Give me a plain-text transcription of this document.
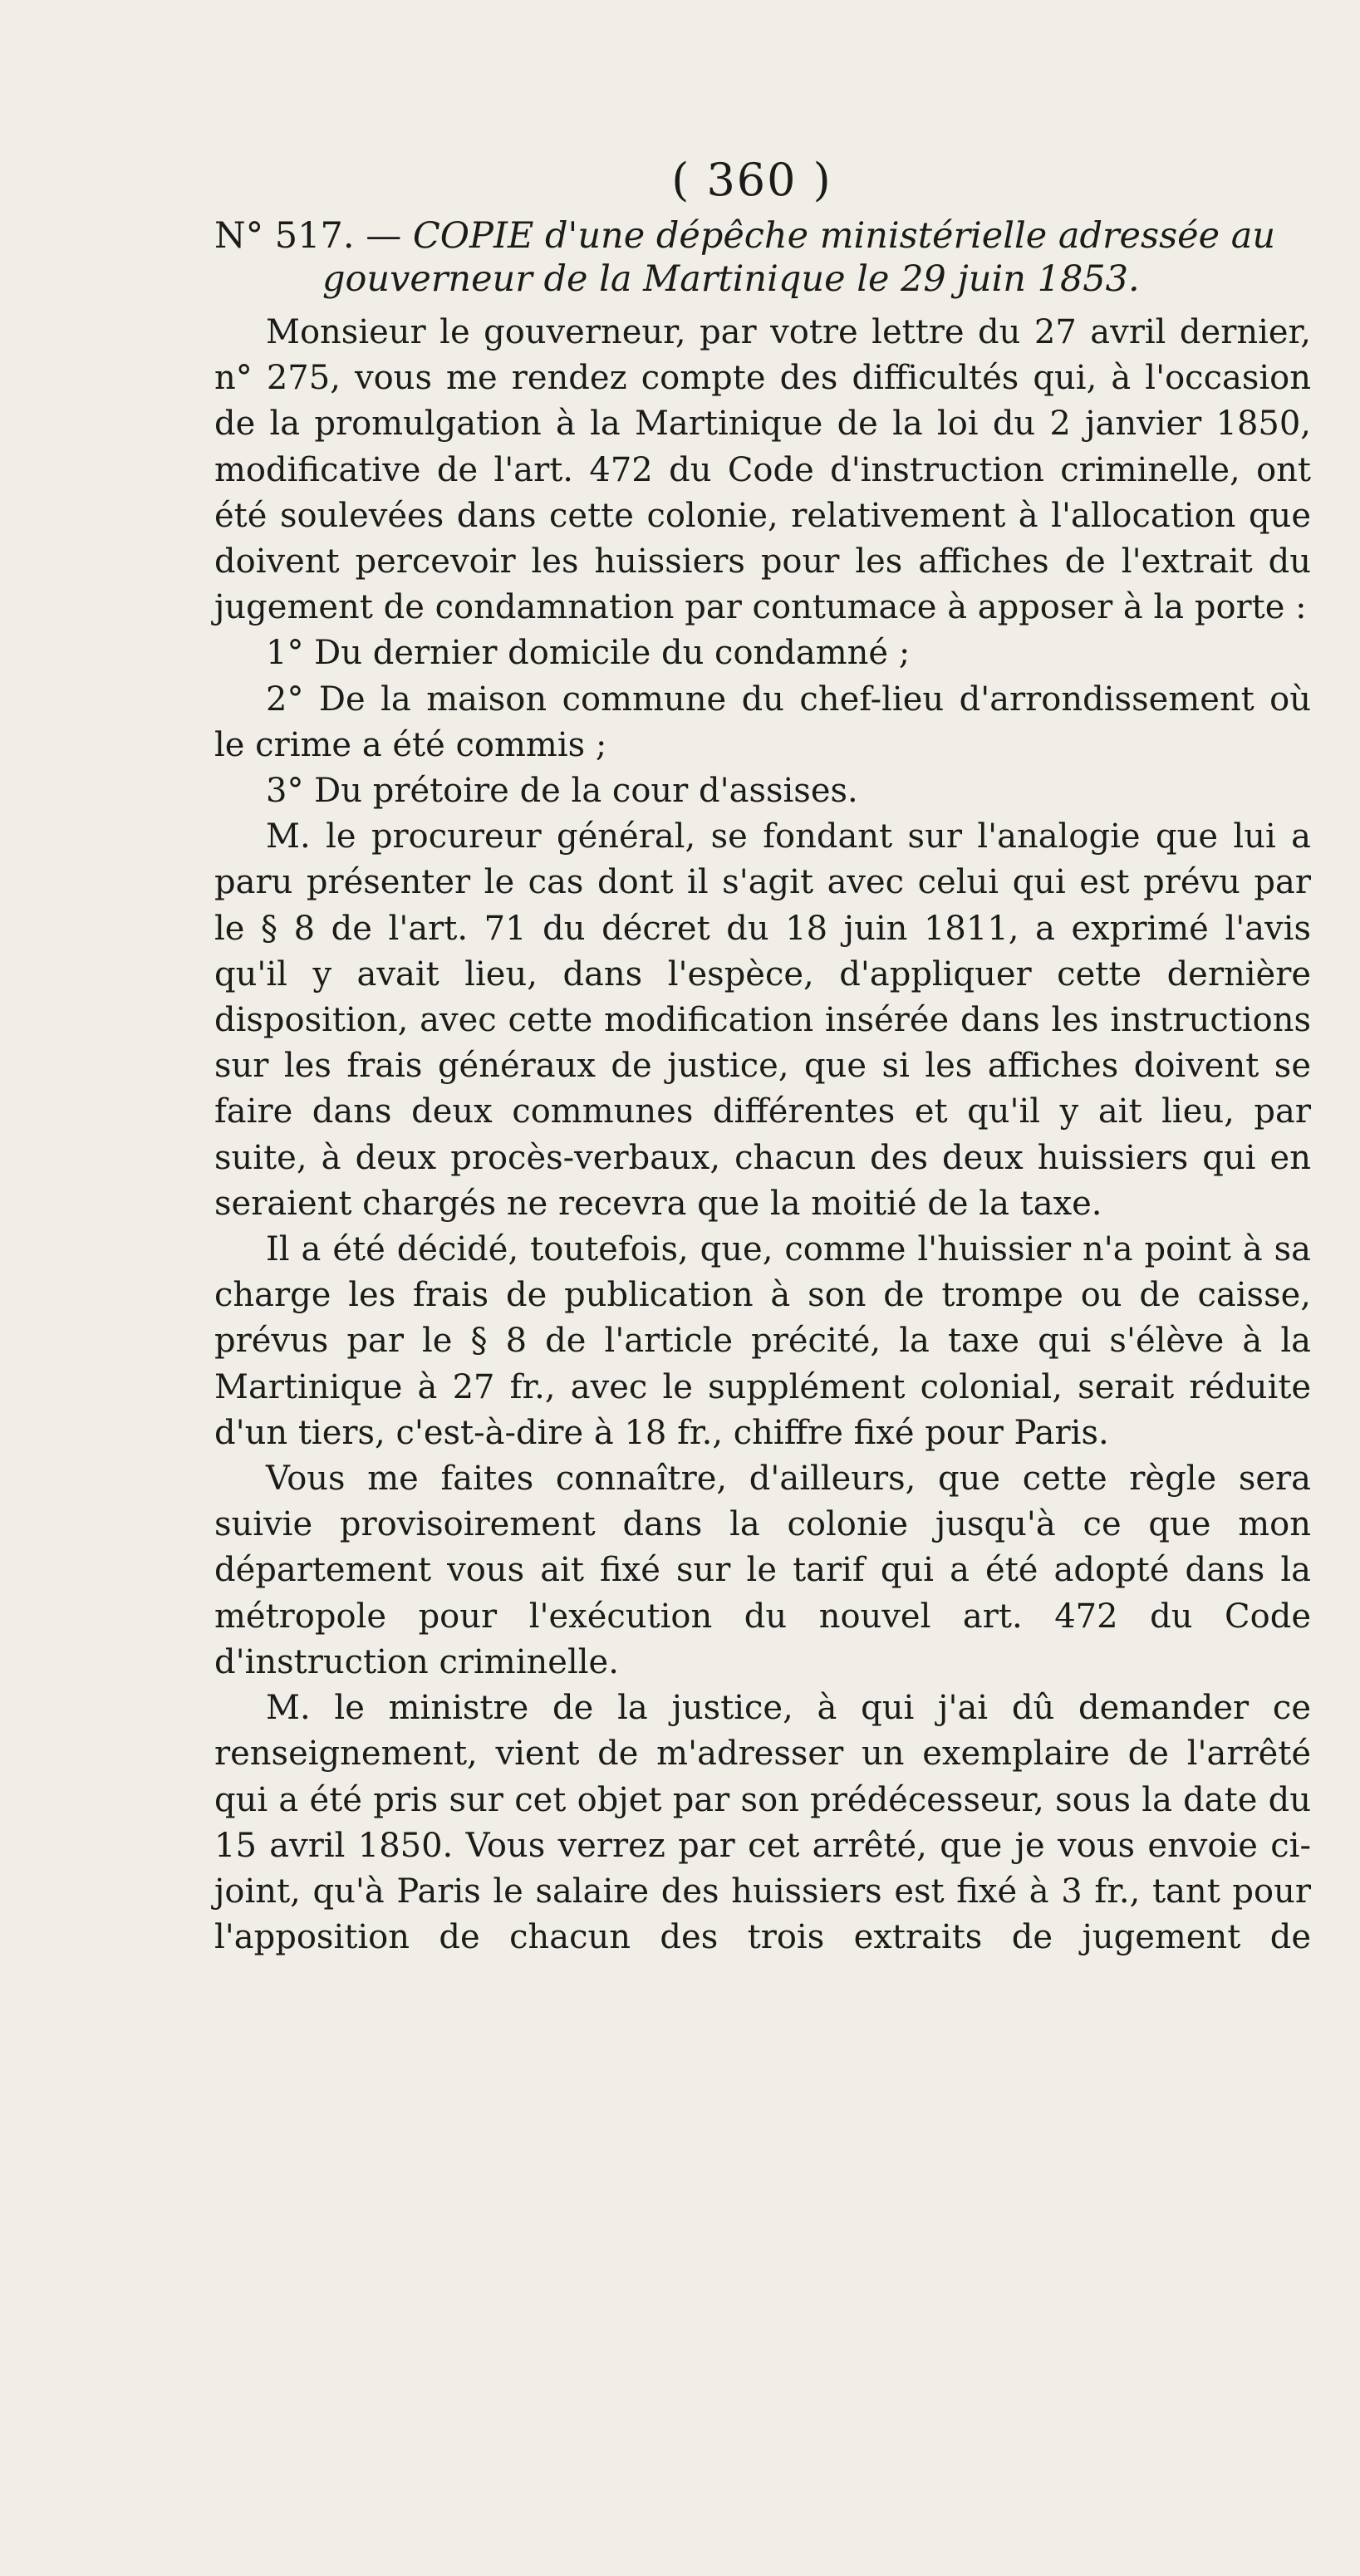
( 360 )
N° 517. — COPIE d'une dépêche ministérielle adressée au
gouverneur de la Martinique le 29 juin 1853.

Monsieur le gouverneur, par votre lettre du 27 avril dernier, n° 275, vous me rendez compte des difficultés qui, à l'occasion de la promulgation à la Martinique de la loi du 2 janvier 1850, modificative de l'art. 472 du Code d'instruction criminelle, ont été soulevées dans cette colonie, relativement à l'allocation que doivent percevoir les huissiers pour les affiches de l'extrait du jugement de condamnation par contumace à apposer à la porte :

1° Du dernier domicile du condamné ;

2° De la maison commune du chef-lieu d'arrondissement où le crime a été commis ;

3° Du prétoire de la cour d'assises.

M. le procureur général, se fondant sur l'analogie que lui a paru présenter le cas dont il s'agit avec celui qui est prévu par le § 8 de l'art. 71 du décret du 18 juin 1811, a exprimé l'avis qu'il y avait lieu, dans l'espèce, d'appliquer cette dernière disposition, avec cette modification insérée dans les instructions sur les frais généraux de justice, que si les affiches doivent se faire dans deux communes différentes et qu'il y ait lieu, par suite, à deux procès-verbaux, chacun des deux huissiers qui en seraient chargés ne recevra que la moitié de la taxe.

Il a été décidé, toutefois, que, comme l'huissier n'a point à sa charge les frais de publication à son de trompe ou de caisse, prévus par le § 8 de l'article précité, la taxe qui s'élève à la Martinique à 27 fr., avec le supplément colonial, serait réduite d'un tiers, c'est-à-dire à 18 fr., chiffre fixé pour Paris.

Vous me faites connaître, d'ailleurs, que cette règle sera suivie provisoirement dans la colonie jusqu'à ce que mon département vous ait fixé sur le tarif qui a été adopté dans la métropole pour l'exécution du nouvel art. 472 du Code d'instruction criminelle.

M. le ministre de la justice, à qui j'ai dû demander ce renseignement, vient de m'adresser un exemplaire de l'arrêté qui a été pris sur cet objet par son prédécesseur, sous la date du 15 avril 1850. Vous verrez par cet arrêté, que je vous envoie ci-joint, qu'à Paris le salaire des huissiers est fixé à 3 fr., tant pour l'apposition de chacun des trois extraits de jugement de
